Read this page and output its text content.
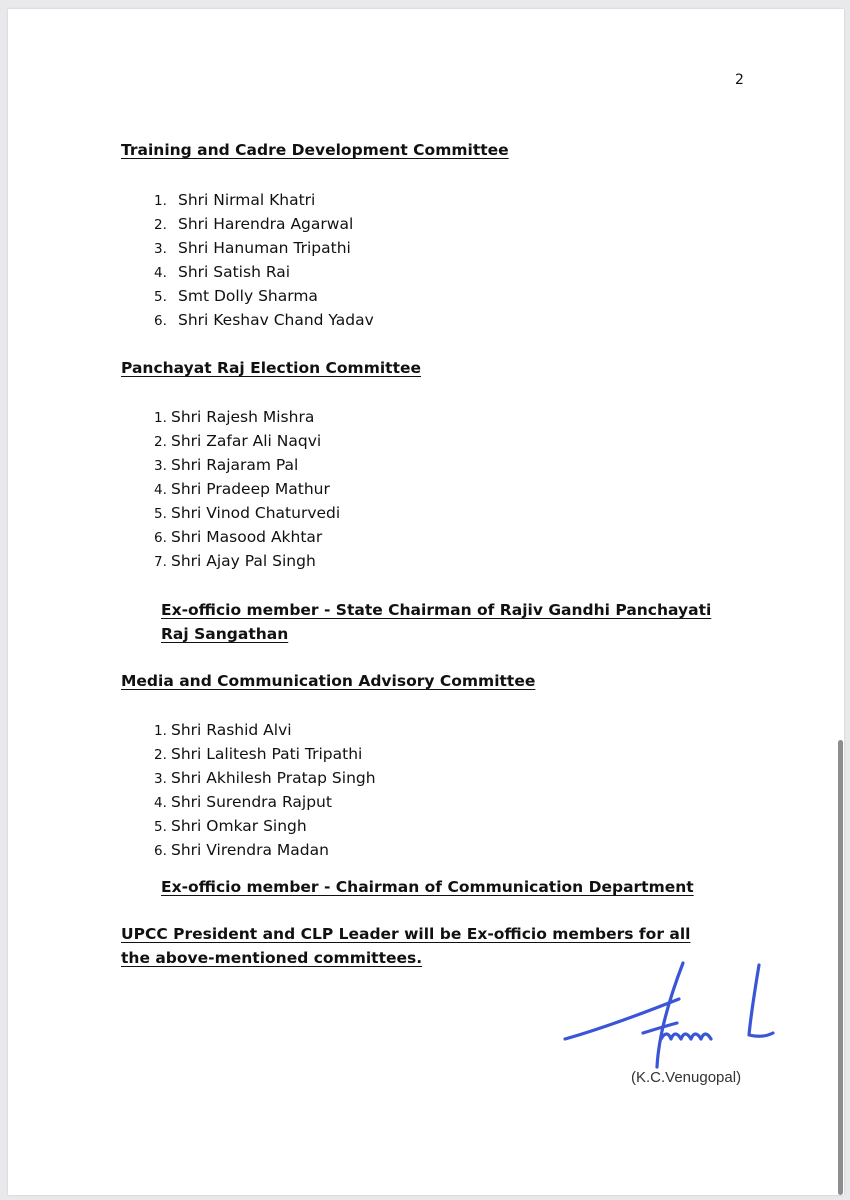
2
Training and Cadre Development Committee
1. Shri Nirmal Khatri
2. Shri Harendra Agarwal
3. Shri Hanuman Tripathi
4. Shri Satish Rai
5. Smt Dolly Sharma
6. Shri Keshav Chand Yadav
Panchayat Raj Election Committee
1. Shri Rajesh Mishra
2. Shri Zafar Ali Naqvi
3. Shri Rajaram Pal
4. Shri Pradeep Mathur
5. Shri Vinod Chaturvedi
6. Shri Masood Akhtar
7. Shri Ajay Pal Singh
Ex-officio member - State Chairman of Rajiv Gandhi Panchayati Raj Sangathan
Media and Communication Advisory Committee
1. Shri Rashid Alvi
2. Shri Lalitesh Pati Tripathi
3. Shri Akhilesh Pratap Singh
4. Shri Surendra Rajput
5. Shri Omkar Singh
6. Shri Virendra Madan
Ex-officio member - Chairman of Communication Department
UPCC President and CLP Leader will be Ex-officio members for all the above-mentioned committees.
(K.C.Venugopal)
